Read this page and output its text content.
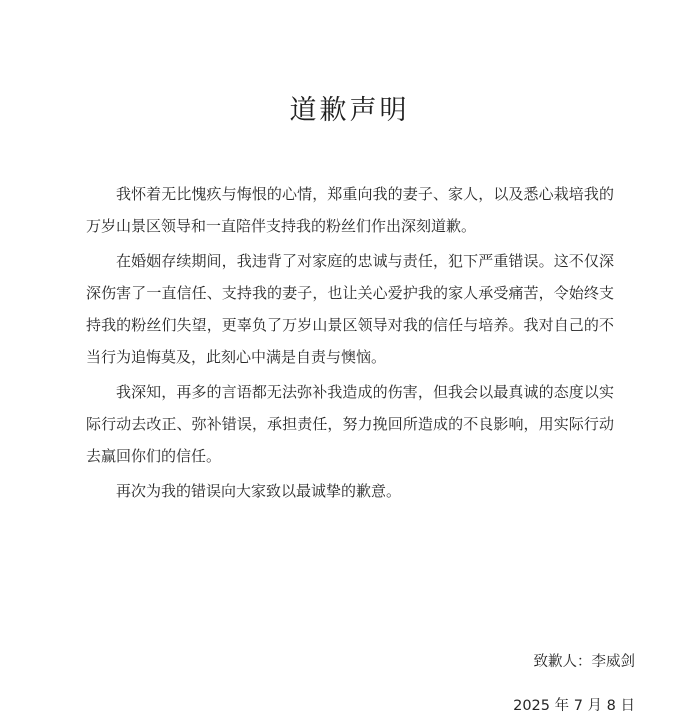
道歉声明

我怀着无比愧疚与悔恨的心情，郑重向我的妻子、家人，以及悉心栽培我的万岁山景区领导和一直陪伴支持我的粉丝们作出深刻道歉。

在婚姻存续期间，我违背了对家庭的忠诚与责任，犯下严重错误。这不仅深深伤害了一直信任、支持我的妻子，也让关心爱护我的家人承受痛苦，令始终支持我的粉丝们失望，更辜负了万岁山景区领导对我的信任与培养。我对自己的不当行为追悔莫及，此刻心中满是自责与懊恼。

我深知，再多的言语都无法弥补我造成的伤害，但我会以最真诚的态度以实际行动去改正、弥补错误，承担责任，努力挽回所造成的不良影响，用实际行动去赢回你们的信任。

再次为我的错误向大家致以最诚挚的歉意。

致歉人：李威剑
2025 年 7 月 8 日
